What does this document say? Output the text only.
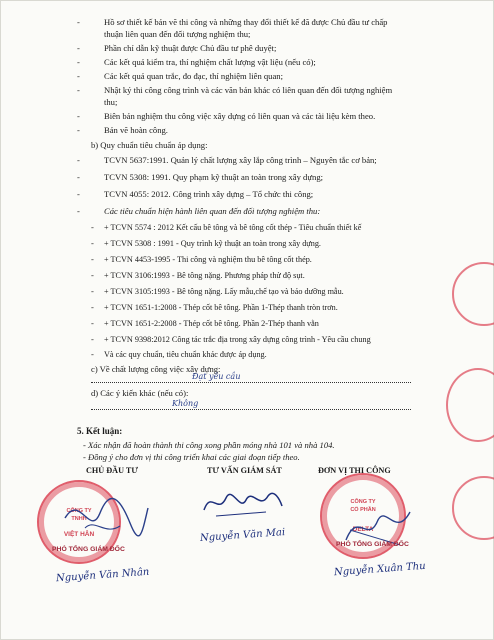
-	Hồ sơ thiết kế bản vẽ thi công và những thay đổi thiết kế đã được Chủ đầu tư chấp
thuận liên quan đến đối tượng nghiệm thu;
-	Phần chỉ dẫn kỹ thuật được Chủ đầu tư phê duyệt;
-	Các kết quả kiểm tra, thí nghiệm chất lượng vật liệu (nếu có);
-	Các kết quả quan trắc, đo đạc, thí nghiệm liên quan;
-	Nhật ký thi công công trình và các văn bản khác có liên quan đến đối tượng nghiệm
thu;
-	Biên bản nghiệm thu công việc xây dựng có liên quan và các tài liệu kèm theo.
-	Bản vẽ hoàn công.
b) Quy chuẩn tiêu chuẩn áp dụng:
-	TCVN 5637:1991. Quản lý chất lượng xây lắp công trình – Nguyên tắc cơ bản;
-	TCVN 5308: 1991. Quy phạm kỹ thuật an toàn trong xây dựng;
-	TCVN 4055: 2012. Công trình xây dựng – Tổ chức thi công;
-	Các tiêu chuẩn hiện hành liên quan đến đối tượng nghiệm thu:
- + TCVN 5574 : 2012 Kết cấu bê tông và bê tông cốt thép - Tiêu chuẩn thiết kế
- + TCVN 5308 : 1991 - Quy trình kỹ thuật an toàn trong xây dựng.
- + TCVN 4453-1995 - Thi công và nghiệm thu bê tông cốt thép.
- + TCVN 3106:1993 - Bê tông nặng. Phương pháp thử độ sụt.
- + TCVN 3105:1993 - Bê tông nặng. Lấy mẫu,chế tạo và bảo dưỡng mẫu.
- + TCVN 1651-1:2008 - Thép cốt bê tông. Phần 1-Thép thanh tròn trơn.
- + TCVN 1651-2:2008 - Thép cốt bê tông. Phần 2-Thép thanh vằn
- + TCVN 9398:2012 Công tác trắc địa trong xây dựng công trình - Yêu cầu chung
- Và các quy chuẩn, tiêu chuẩn khác được áp dụng.
c) Về chất lượng công việc xây dựng:
Đạt yêu cầu
d) Các ý kiến khác (nếu có):
Không
5. Kết luận:
- Xác nhận đã hoàn thành thi công xong phần móng nhà 101 và nhà 104.
- Đồng ý cho đơn vị thi công triển khai các giai đoạn tiếp theo.
CHỦ ĐẦU TƯ	TƯ VẤN GIÁM SÁT	ĐƠN VỊ THI CÔNG
CÔNG TY
TNHH
VIỆT HÂN
PHÓ TỔNG GIÁM ĐỐC
Nguyễn Văn Nhân
Nguyễn Văn Mai
CÔNG TY
CỔ PHẦN
DELTA
PHÓ TỔNG GIÁM ĐỐC
Nguyễn Xuân Thu
